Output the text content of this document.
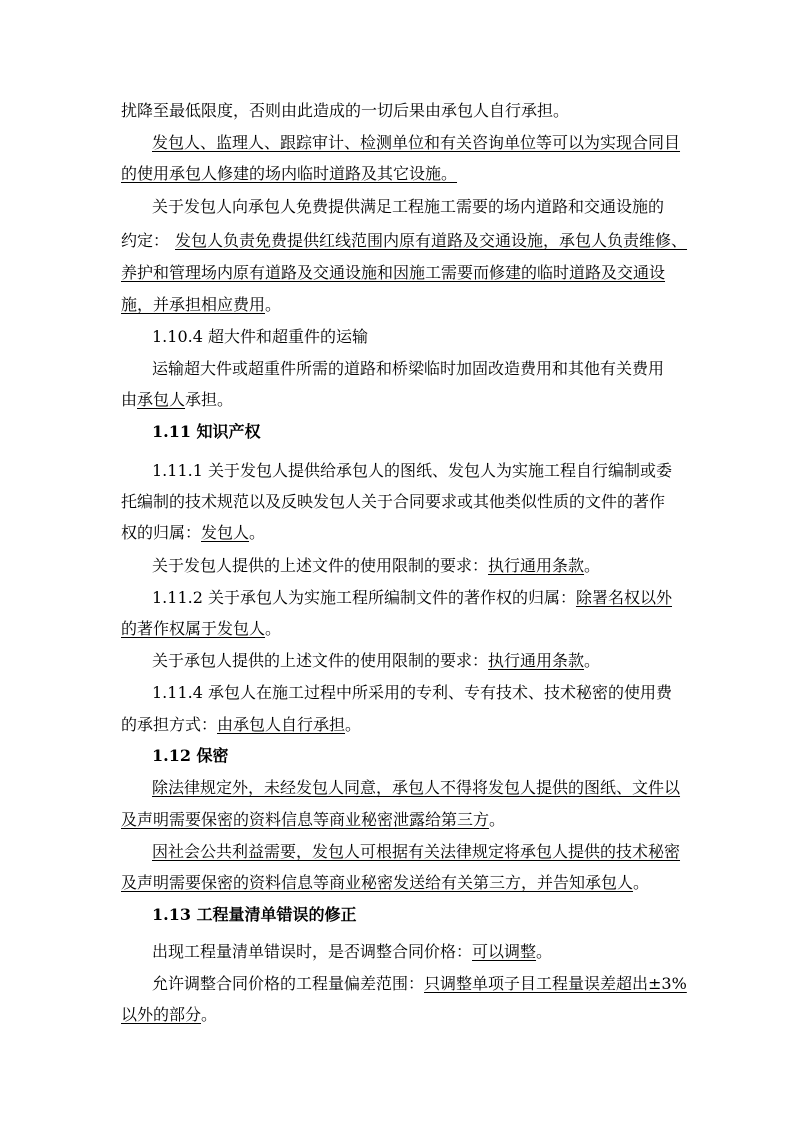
扰降至最低限度，否则由此造成的一切后果由承包人自行承担。
发包人、监理人、跟踪审计、检测单位和有关咨询单位等可以为实现合同目
的使用承包人修建的场内临时道路及其它设施。
关于发包人向承包人免费提供满足工程施工需要的场内道路和交通设施的
约定： 发包人负责免费提供红线范围内原有道路及交通设施，承包人负责维修、
养护和管理场内原有道路及交通设施和因施工需要而修建的临时道路及交通设
施，并承担相应费用。
1.10.4 超大件和超重件的运输
运输超大件或超重件所需的道路和桥梁临时加固改造费用和其他有关费用
由承包人承担。
1.11 知识产权
1.11.1 关于发包人提供给承包人的图纸、发包人为实施工程自行编制或委
托编制的技术规范以及反映发包人关于合同要求或其他类似性质的文件的著作
权的归属：发包人。
关于发包人提供的上述文件的使用限制的要求：执行通用条款。
1.11.2 关于承包人为实施工程所编制文件的著作权的归属：除署名权以外
的著作权属于发包人。
关于承包人提供的上述文件的使用限制的要求：执行通用条款。
1.11.4 承包人在施工过程中所采用的专利、专有技术、技术秘密的使用费
的承担方式：由承包人自行承担。
1.12 保密
除法律规定外，未经发包人同意，承包人不得将发包人提供的图纸、文件以
及声明需要保密的资料信息等商业秘密泄露给第三方。
因社会公共利益需要，发包人可根据有关法律规定将承包人提供的技术秘密
及声明需要保密的资料信息等商业秘密发送给有关第三方，并告知承包人。
1.13 工程量清单错误的修正
出现工程量清单错误时，是否调整合同价格：可以调整。
允许调整合同价格的工程量偏差范围：只调整单项子目工程量误差超出±3%
以外的部分。
